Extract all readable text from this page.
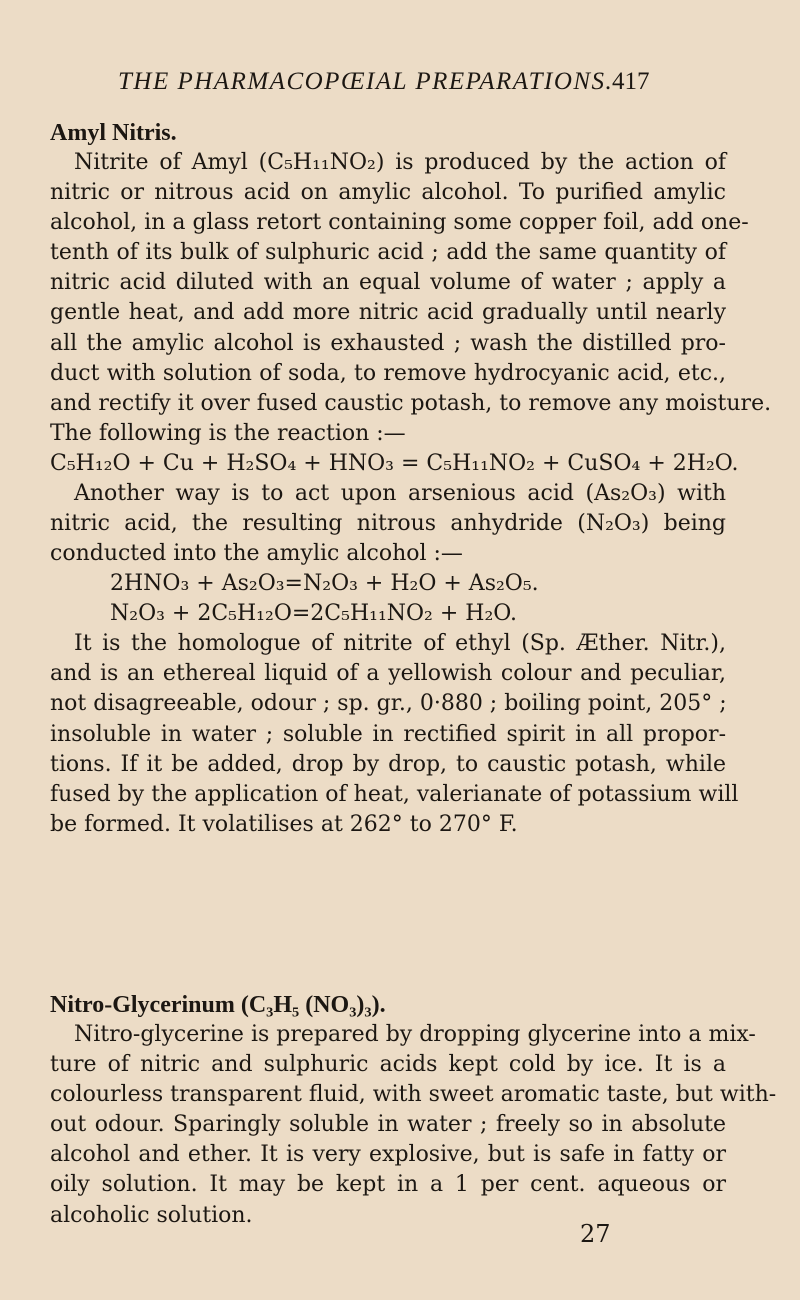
THE PHARMACOPŒIAL PREPARATIONS.
417
Amyl Nitris.
Nitrite of Amyl (C₅H₁₁NO₂) is produced by the action of
nitric or nitrous acid on amylic alcohol. To purified amylic
alcohol, in a glass retort containing some copper foil, add one-
tenth of its bulk of sulphuric acid ; add the same quantity of
nitric acid diluted with an equal volume of water ; apply a
gentle heat, and add more nitric acid gradually until nearly
all the amylic alcohol is exhausted ; wash the distilled pro-
duct with solution of soda, to remove hydrocyanic acid, etc.,
and rectify it over fused caustic potash, to remove any moisture.
The following is the reaction :—
C₅H₁₂O + Cu + H₂SO₄ + HNO₃ = C₅H₁₁NO₂ + CuSO₄ + 2H₂O.
Another way is to act upon arsenious acid (As₂O₃) with
nitric acid, the resulting nitrous anhydride (N₂O₃) being
conducted into the amylic alcohol :—
2HNO₃ + As₂O₃=N₂O₃ + H₂O + As₂O₅.
N₂O₃ + 2C₅H₁₂O=2C₅H₁₁NO₂ + H₂O.
It is the homologue of nitrite of ethyl (Sp. Æther. Nitr.),
and is an ethereal liquid of a yellowish colour and peculiar,
not disagreeable, odour ; sp. gr., 0·880 ; boiling point, 205° ;
insoluble in water ; soluble in rectified spirit in all propor-
tions. If it be added, drop by drop, to caustic potash, while
fused by the application of heat, valerianate of potassium will
be formed. It volatilises at 262° to 270° F.
Nitro-Glycerinum (C₃H₅ (NO₃)₃).
Nitro-glycerine is prepared by dropping glycerine into a mix-
ture of nitric and sulphuric acids kept cold by ice. It is a
colourless transparent fluid, with sweet aromatic taste, but with-
out odour. Sparingly soluble in water ; freely so in absolute
alcohol and ether. It is very explosive, but is safe in fatty or
oily solution. It may be kept in a 1 per cent. aqueous or
alcoholic solution.
27
